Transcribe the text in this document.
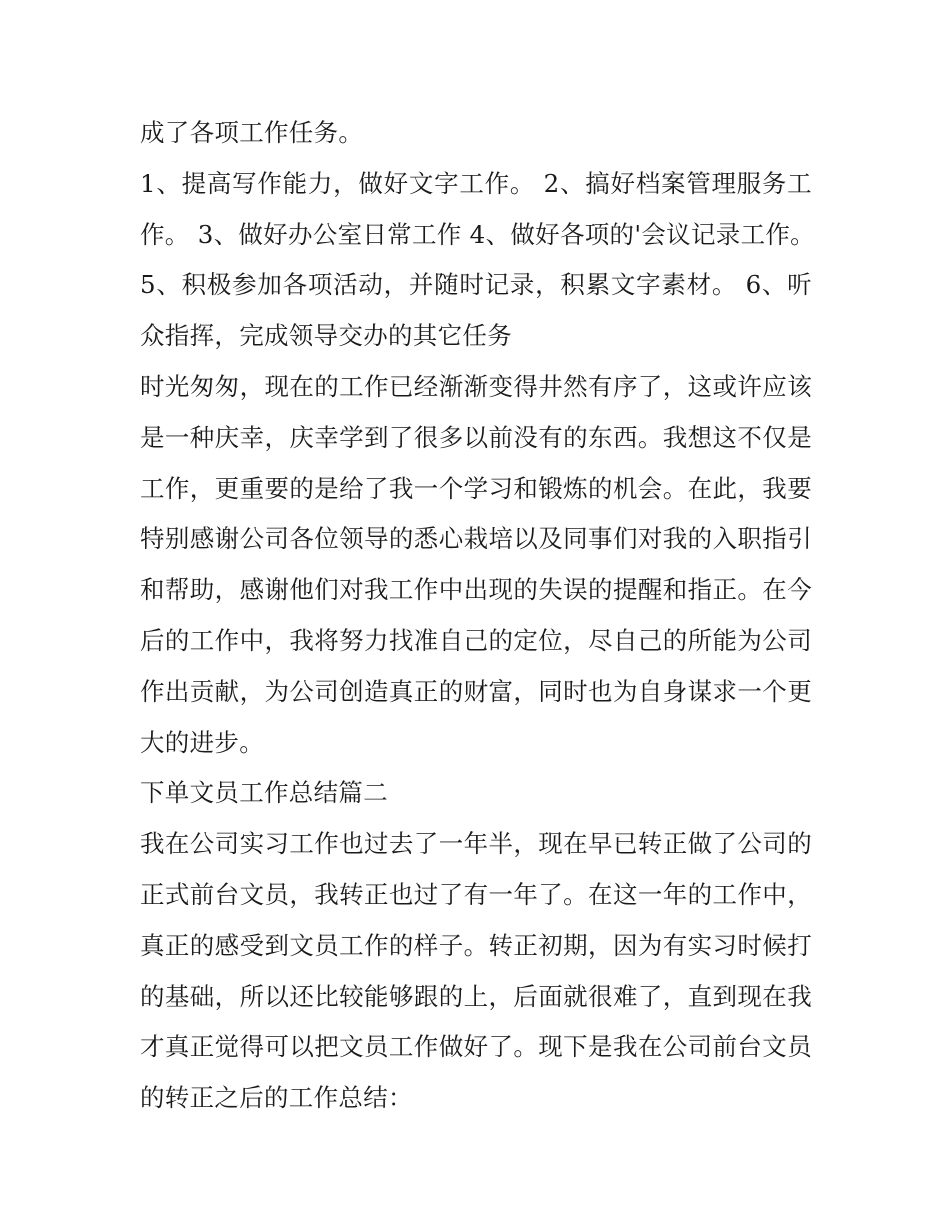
成了各项工作任务。
1、提高写作能力，做好文字工作。 2、搞好档案管理服务工
作。 3、做好办公室日常工作 4、做好各项的'会议记录工作。
5、积极参加各项活动，并随时记录，积累文字素材。 6、听
众指挥，完成领导交办的其它任务
时光匆匆，现在的工作已经渐渐变得井然有序了，这或许应该
是一种庆幸，庆幸学到了很多以前没有的东西。我想这不仅是
工作，更重要的是给了我一个学习和锻炼的机会。在此，我要
特别感谢公司各位领导的悉心栽培以及同事们对我的入职指引
和帮助，感谢他们对我工作中出现的失误的提醒和指正。在今
后的工作中，我将努力找准自己的定位，尽自己的所能为公司
作出贡献，为公司创造真正的财富，同时也为自身谋求一个更
大的进步。
下单文员工作总结篇二
我在公司实习工作也过去了一年半，现在早已转正做了公司的
正式前台文员，我转正也过了有一年了。在这一年的工作中，
真正的感受到文员工作的样子。转正初期，因为有实习时候打
的基础，所以还比较能够跟的上，后面就很难了，直到现在我
才真正觉得可以把文员工作做好了。现下是我在公司前台文员
的转正之后的工作总结：
